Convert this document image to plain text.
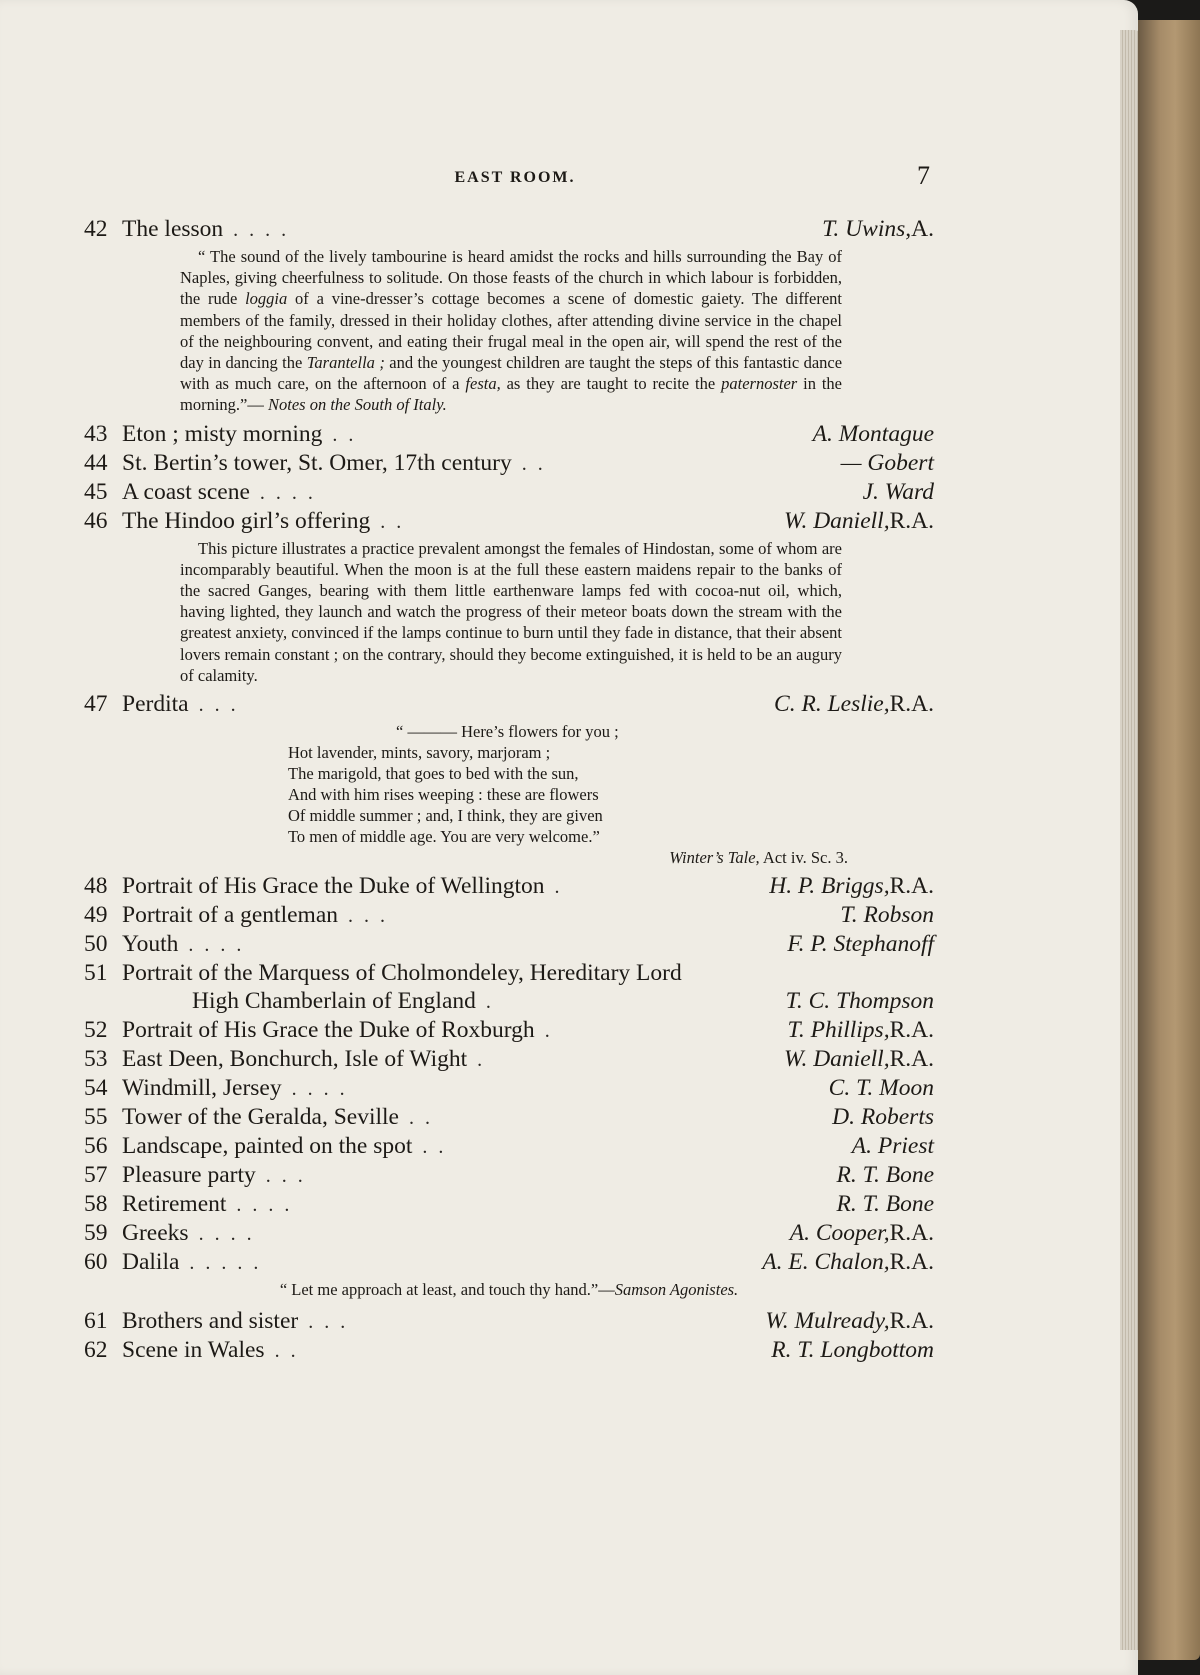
EAST ROOM.	7
42 The lesson . . . .	T. Uwins, A.
“ The sound of the lively tambourine is heard amidst the rocks and hills surrounding the Bay of Naples, giving cheerfulness to solitude. On those feasts of the church in which labour is forbidden, the rude loggia of a vine-dresser’s cottage becomes a scene of domestic gaiety. The different members of the family, dressed in their holiday clothes, after attending divine service in the chapel of the neighbouring convent, and eating their frugal meal in the open air, will spend the rest of the day in dancing the Tarantella ; and the youngest children are taught the steps of this fantastic dance with as much care, on the afternoon of a festa, as they are taught to recite the paternoster in the morning.”— Notes on the South of Italy.
43 Eton ; misty morning . .	A. Montague
44 St. Bertin’s tower, St. Omer, 17th century . .	— Gobert
45 A coast scene . . . .	J. Ward
46 The Hindoo girl’s offering . .	W. Daniell, R.A.
This picture illustrates a practice prevalent amongst the females of Hindostan, some of whom are incomparably beautiful. When the moon is at the full these eastern maidens repair to the banks of the sacred Ganges, bearing with them little earthenware lamps fed with cocoa-nut oil, which, having lighted, they launch and watch the progress of their meteor boats down the stream with the greatest anxiety, convinced if the lamps continue to burn until they fade in distance, that their absent lovers remain constant ; on the contrary, should they become extinguished, it is held to be an augury of calamity.
47 Perdita . . .	C. R. Leslie, R.A.
“ ——— Here’s flowers for you ;
Hot lavender, mints, savory, marjoram ;
The marigold, that goes to bed with the sun,
And with him rises weeping : these are flowers
Of middle summer ; and, I think, they are given
To men of middle age. You are very welcome.”
Winter’s Tale, Act iv. Sc. 3.
48 Portrait of His Grace the Duke of Wellington .	H. P. Briggs, R.A.
49 Portrait of a gentleman . . .	T. Robson
50 Youth . . . .	F. P. Stephanoff
51 Portrait of the Marquess of Cholmondeley, Hereditary Lord
High Chamberlain of England .	T. C. Thompson
52 Portrait of His Grace the Duke of Roxburgh .	T. Phillips, R.A.
53 East Deen, Bonchurch, Isle of Wight .	W. Daniell, R.A.
54 Windmill, Jersey . . . .	C. T. Moon
55 Tower of the Geralda, Seville . .	D. Roberts
56 Landscape, painted on the spot . .	A. Priest
57 Pleasure party . . .	R. T. Bone
58 Retirement . . . .	R. T. Bone
59 Greeks . . . .	A. Cooper, R.A.
60 Dalila . . . . .	A. E. Chalon, R.A.
“ Let me approach at least, and touch thy hand.”—Samson Agonistes.
61 Brothers and sister . . .	W. Mulready, R.A.
62 Scene in Wales . .	R. T. Longbottom
